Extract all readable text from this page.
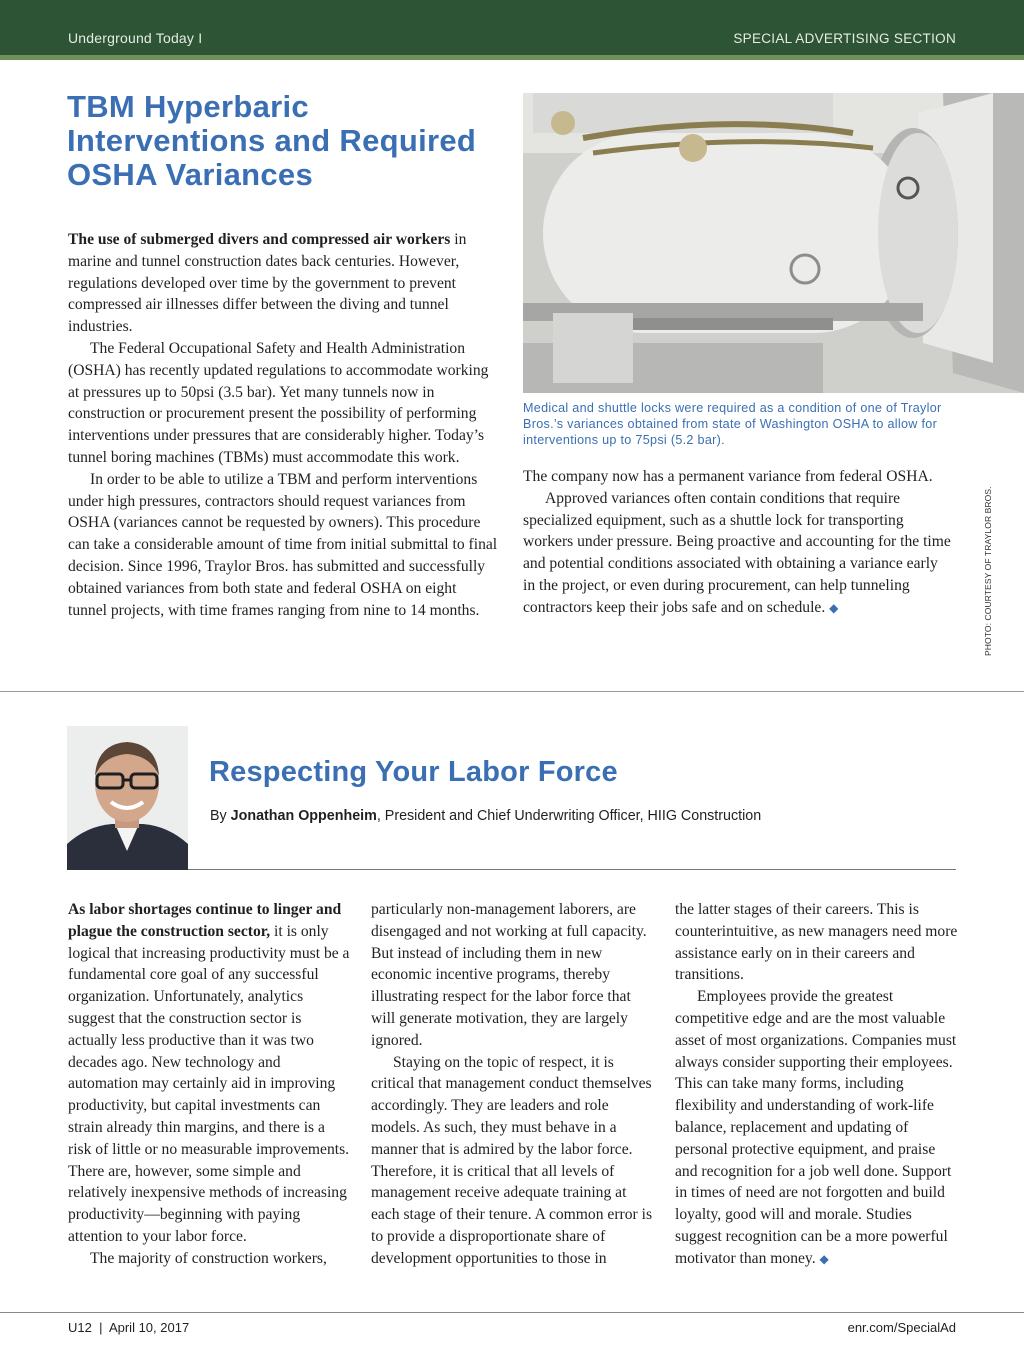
Underground Today I	SPECIAL ADVERTISING SECTION
TBM Hyperbaric Interventions and Required OSHA Variances

The use of submerged divers and compressed air workers in marine and tunnel construction dates back centuries. However, regulations developed over time by the government to prevent compressed air illnesses differ between the diving and tunnel industries.

The Federal Occupational Safety and Health Administration (OSHA) has recently updated regulations to accommodate working at pressures up to 50psi (3.5 bar). Yet many tunnels now in construction or procurement present the possibility of performing interventions under pressures that are considerably higher. Today’s tunnel boring machines (TBMs) must accommodate this work.

In order to be able to utilize a TBM and perform interventions under high pressures, contractors should request variances from OSHA (variances cannot be requested by owners). This procedure can take a considerable amount of time from initial submittal to final decision. Since 1996, Traylor Bros. has submitted and successfully obtained variances from both state and federal OSHA on eight tunnel projects, with time frames ranging from nine to 14 months.

Medical and shuttle locks were required as a condition of one of Traylor Bros.’s variances obtained from state of Washington OSHA to allow for interventions up to 75psi (5.2 bar).
PHOTO: COURTESY OF TRAYLOR BROS.

The company now has a permanent variance from federal OSHA.

Approved variances often contain conditions that require specialized equipment, such as a shuttle lock for transporting workers under pressure. Being proactive and accounting for the time and potential conditions associated with obtaining a variance early in the project, or even during procurement, can help tunneling contractors keep their jobs safe and on schedule. ◆

Respecting Your Labor Force
By Jonathan Oppenheim, President and Chief Underwriting Officer, HIIG Construction

As labor shortages continue to linger and plague the construction sector, it is only logical that increasing productivity must be a fundamental core goal of any successful organization. Unfortunately, analytics suggest that the construction sector is actually less productive than it was two decades ago. New technology and automation may certainly aid in improving productivity, but capital investments can strain already thin margins, and there is a risk of little or no measurable improvements. There are, however, some simple and relatively inexpensive methods of increasing productivity—beginning with paying attention to your labor force.

The majority of construction workers,

particularly non-management laborers, are disengaged and not working at full capacity. But instead of including them in new economic incentive programs, thereby illustrating respect for the labor force that will generate motivation, they are largely ignored.

Staying on the topic of respect, it is critical that management conduct themselves accordingly. They are leaders and role models. As such, they must behave in a manner that is admired by the labor force. Therefore, it is critical that all levels of management receive adequate training at each stage of their tenure. A common error is to provide a disproportionate share of development opportunities to those in

the latter stages of their careers. This is counterintuitive, as new managers need more assistance early on in their careers and transitions.

Employees provide the greatest competitive edge and are the most valuable asset of most organizations. Companies must always consider supporting their employees. This can take many forms, including flexibility and understanding of work-life balance, replacement and updating of personal protective equipment, and praise and recognition for a job well done. Support in times of need are not forgotten and build loyalty, good will and morale. Studies suggest recognition can be a more powerful motivator than money. ◆

U12  |  April 10, 2017	enr.com/SpecialAd
